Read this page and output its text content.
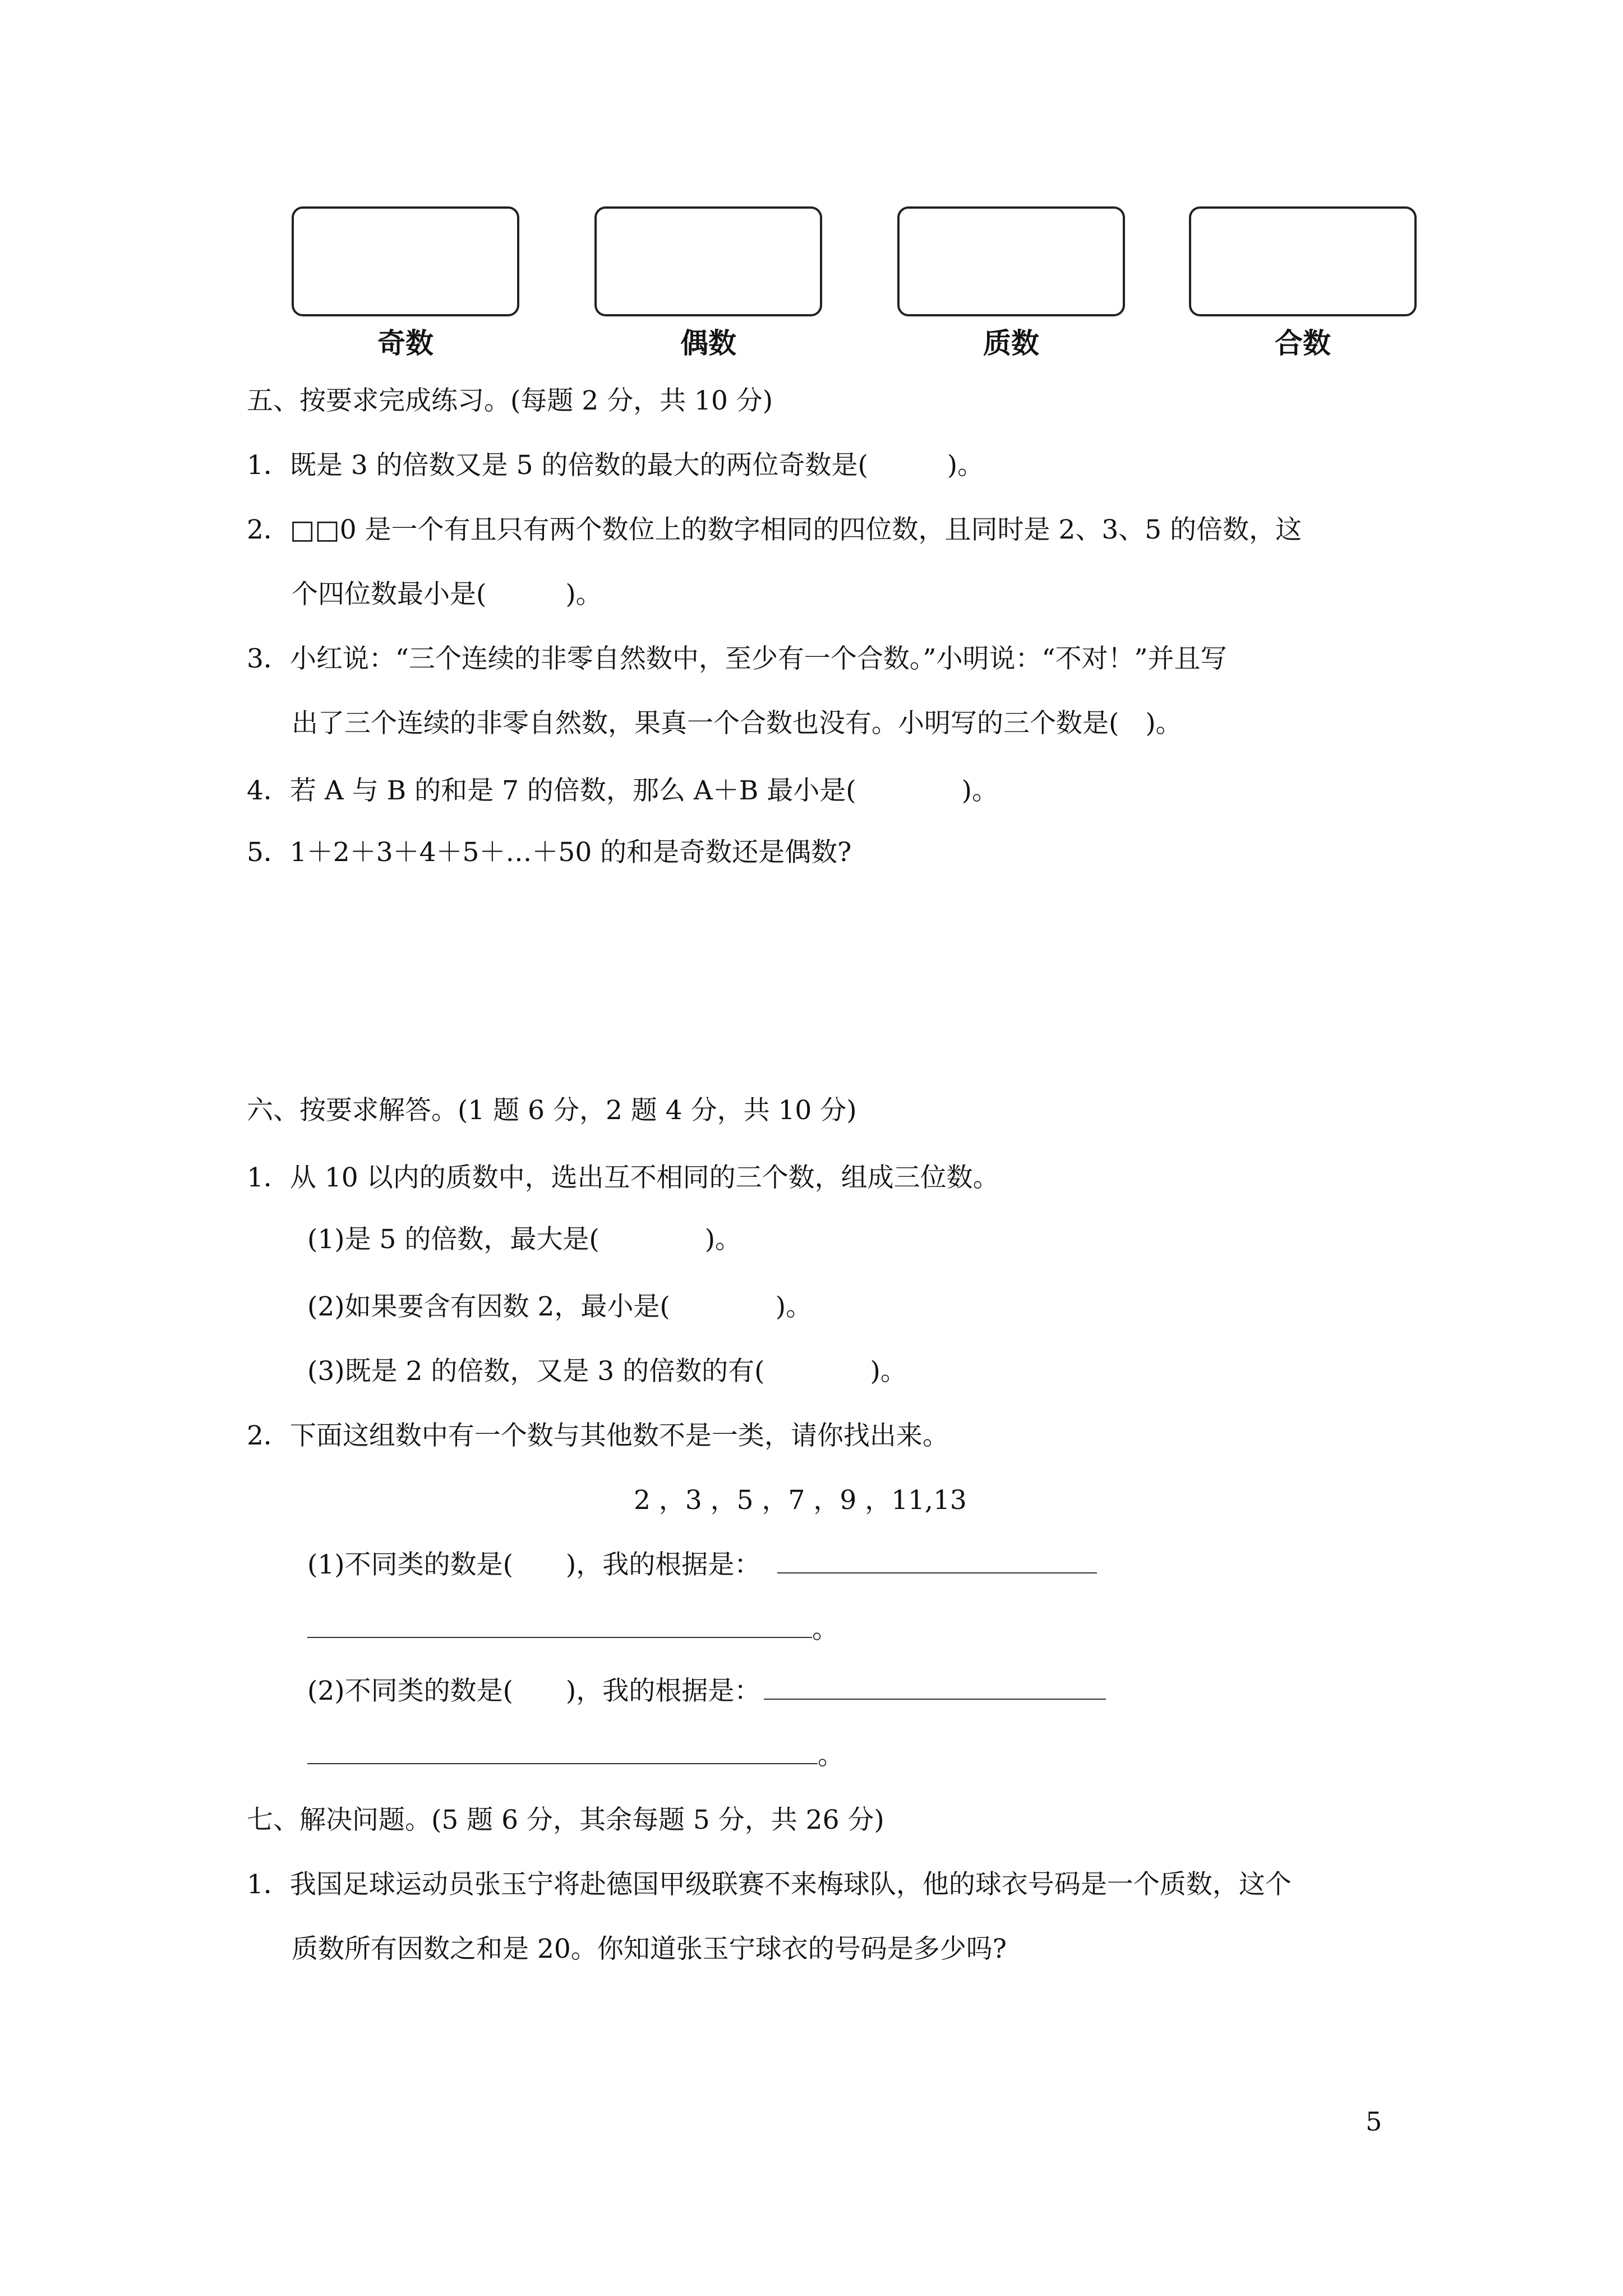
奇数	偶数	质数	合数
五、按要求完成练习。(每题 2 分，共 10 分)
1．既是 3 的倍数又是 5 的倍数的最大的两位奇数是(　　　)。
2．□□0 是一个有且只有两个数位上的数字相同的四位数，且同时是 2、3、5 的倍数，这
个四位数最小是(　　　)。
3．小红说：“三个连续的非零自然数中，至少有一个合数。”小明说：“不对！”并且写
出了三个连续的非零自然数，果真一个合数也没有。小明写的三个数是(　)。
4．若 A 与 B 的和是 7 的倍数，那么 A＋B 最小是(　　　　)。
5．1＋2＋3＋4＋5＋…＋50 的和是奇数还是偶数?
六、按要求解答。(1 题 6 分，2 题 4 分，共 10 分)
1．从 10 以内的质数中，选出互不相同的三个数，组成三位数。
(1)是 5 的倍数，最大是(　　　　)。
(2)如果要含有因数 2，最小是(　　　　)。
(3)既是 2 的倍数，又是 3 的倍数的有(　　　　)。
2．下面这组数中有一个数与其他数不是一类，请你找出来。
2 ，3 ，5 ，7 ，9 ，11,13
(1)不同类的数是(　　)，我的根据是：
。
(2)不同类的数是(　　)，我的根据是：
。
七、解决问题。(5 题 6 分，其余每题 5 分，共 26 分)
1．我国足球运动员张玉宁将赴德国甲级联赛不来梅球队，他的球衣号码是一个质数，这个
质数所有因数之和是 20。你知道张玉宁球衣的号码是多少吗?
5
